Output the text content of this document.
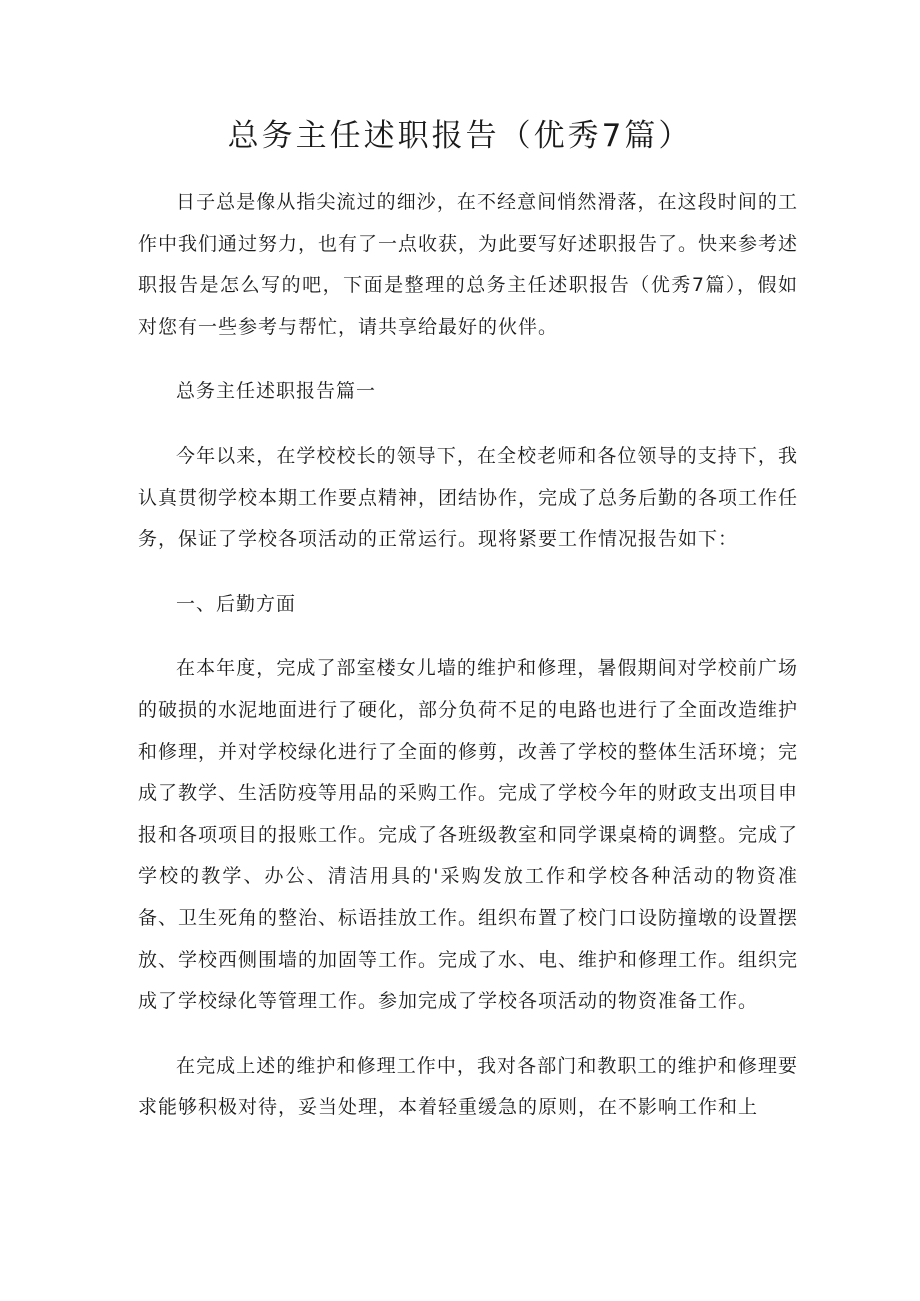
总务主任述职报告（优秀7篇）

日子总是像从指尖流过的细沙，在不经意间悄然滑落，在这段时间的工作中我们通过努力，也有了一点收获，为此要写好述职报告了。快来参考述职报告是怎么写的吧，下面是整理的总务主任述职报告（优秀7篇），假如对您有一些参考与帮忙，请共享给最好的伙伴。

总务主任述职报告篇一

今年以来，在学校校长的领导下，在全校老师和各位领导的支持下，我认真贯彻学校本期工作要点精神，团结协作，完成了总务后勤的各项工作任务，保证了学校各项活动的正常运行。现将紧要工作情况报告如下：

一、后勤方面

在本年度，完成了部室楼女儿墙的维护和修理，暑假期间对学校前广场的破损的水泥地面进行了硬化，部分负荷不足的电路也进行了全面改造维护和修理，并对学校绿化进行了全面的修剪，改善了学校的整体生活环境；完成了教学、生活防疫等用品的采购工作。完成了学校今年的财政支出项目申报和各项项目的报账工作。完成了各班级教室和同学课桌椅的调整。完成了学校的教学、办公、清洁用具的'采购发放工作和学校各种活动的物资准备、卫生死角的整治、标语挂放工作。组织布置了校门口设防撞墩的设置摆放、学校西侧围墙的加固等工作。完成了水、电、维护和修理工作。组织完成了学校绿化等管理工作。参加完成了学校各项活动的物资准备工作。

在完成上述的维护和修理工作中，我对各部门和教职工的维护和修理要求能够积极对待，妥当处理，本着轻重缓急的原则，在不影响工作和上
